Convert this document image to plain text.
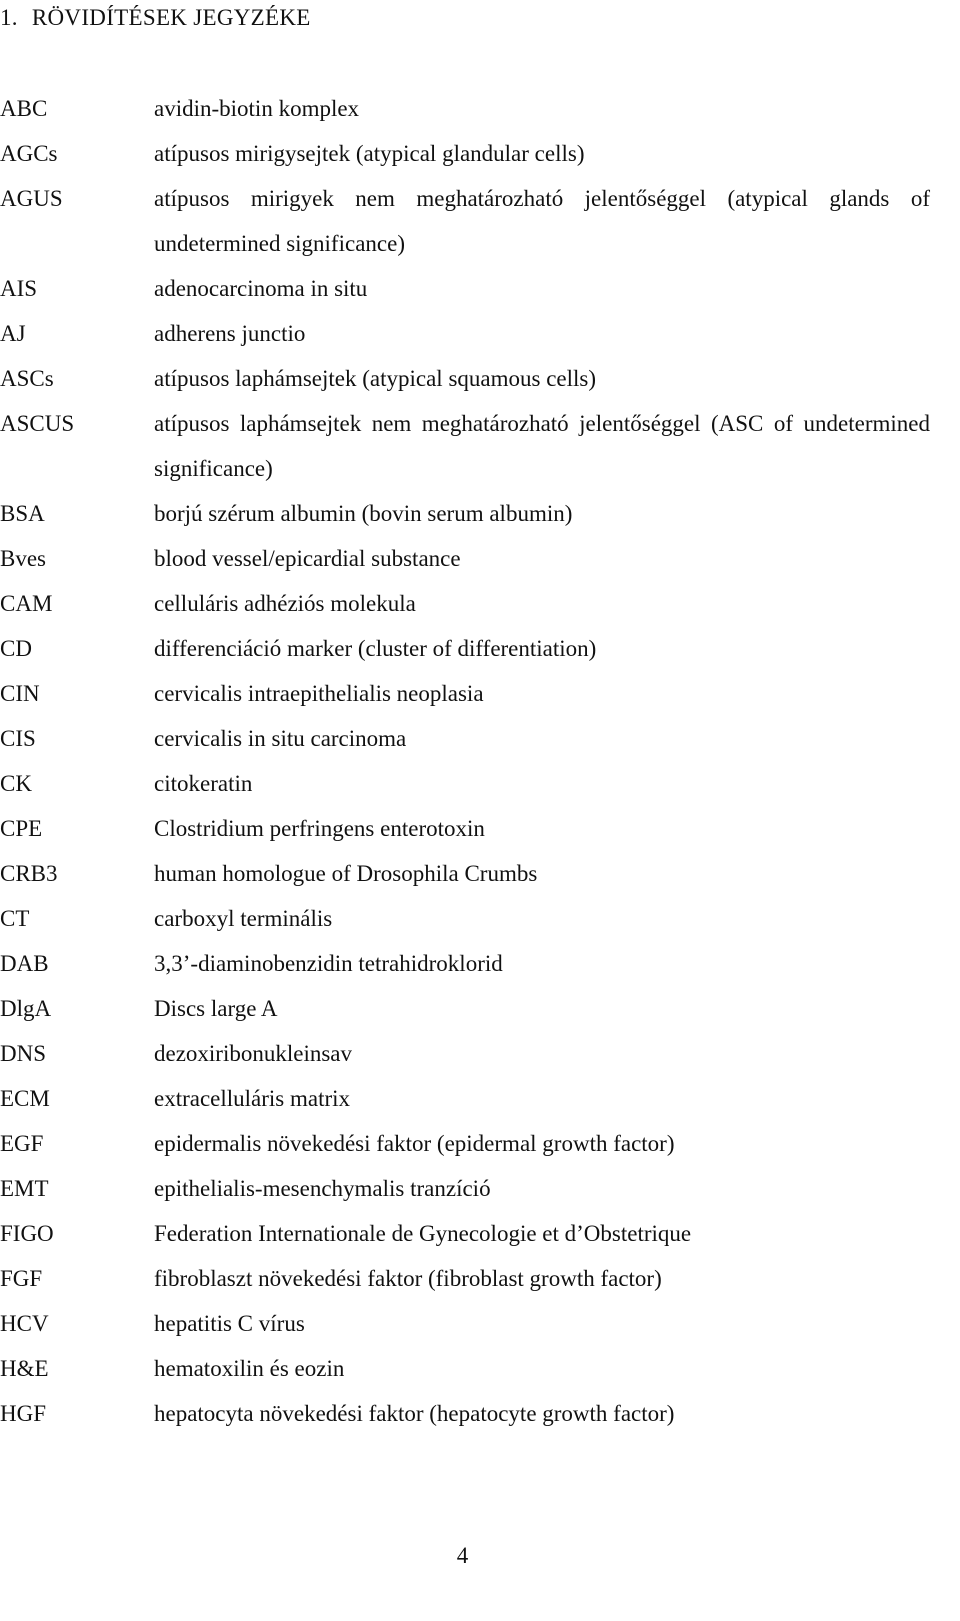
1. RÖVIDÍTÉSEK JEGYZÉKE
ABC	avidin-biotin komplex
AGCs	atípusos mirigysejtek (atypical glandular cells)
AGUS	atípusos mirigyek nem meghatározható jelentőséggel (atypical glands of undetermined significance)
AIS	adenocarcinoma in situ
AJ	adherens junctio
ASCs	atípusos laphámsejtek (atypical squamous cells)
ASCUS	atípusos laphámsejtek nem meghatározható jelentőséggel (ASC of undetermined significance)
BSA	borjú szérum albumin (bovin serum albumin)
Bves	blood vessel/epicardial substance
CAM	celluláris adhéziós molekula
CD	differenciáció marker (cluster of differentiation)
CIN	cervicalis intraepithelialis neoplasia
CIS	cervicalis in situ carcinoma
CK	citokeratin
CPE	Clostridium perfringens enterotoxin
CRB3	human homologue of Drosophila Crumbs
CT	carboxyl terminális
DAB	3,3’-diaminobenzidin tetrahidroklorid
DlgA	Discs large A
DNS	dezoxiribonukleinsav
ECM	extracelluláris matrix
EGF	epidermalis növekedési faktor (epidermal growth factor)
EMT	epithelialis-mesenchymalis tranzíció
FIGO	Federation Internationale de Gynecologie et d’Obstetrique
FGF	fibroblaszt növekedési faktor (fibroblast growth factor)
HCV	hepatitis C vírus
H&E	hematoxilin és eozin
HGF	hepatocyta növekedési faktor (hepatocyte growth factor)
4
